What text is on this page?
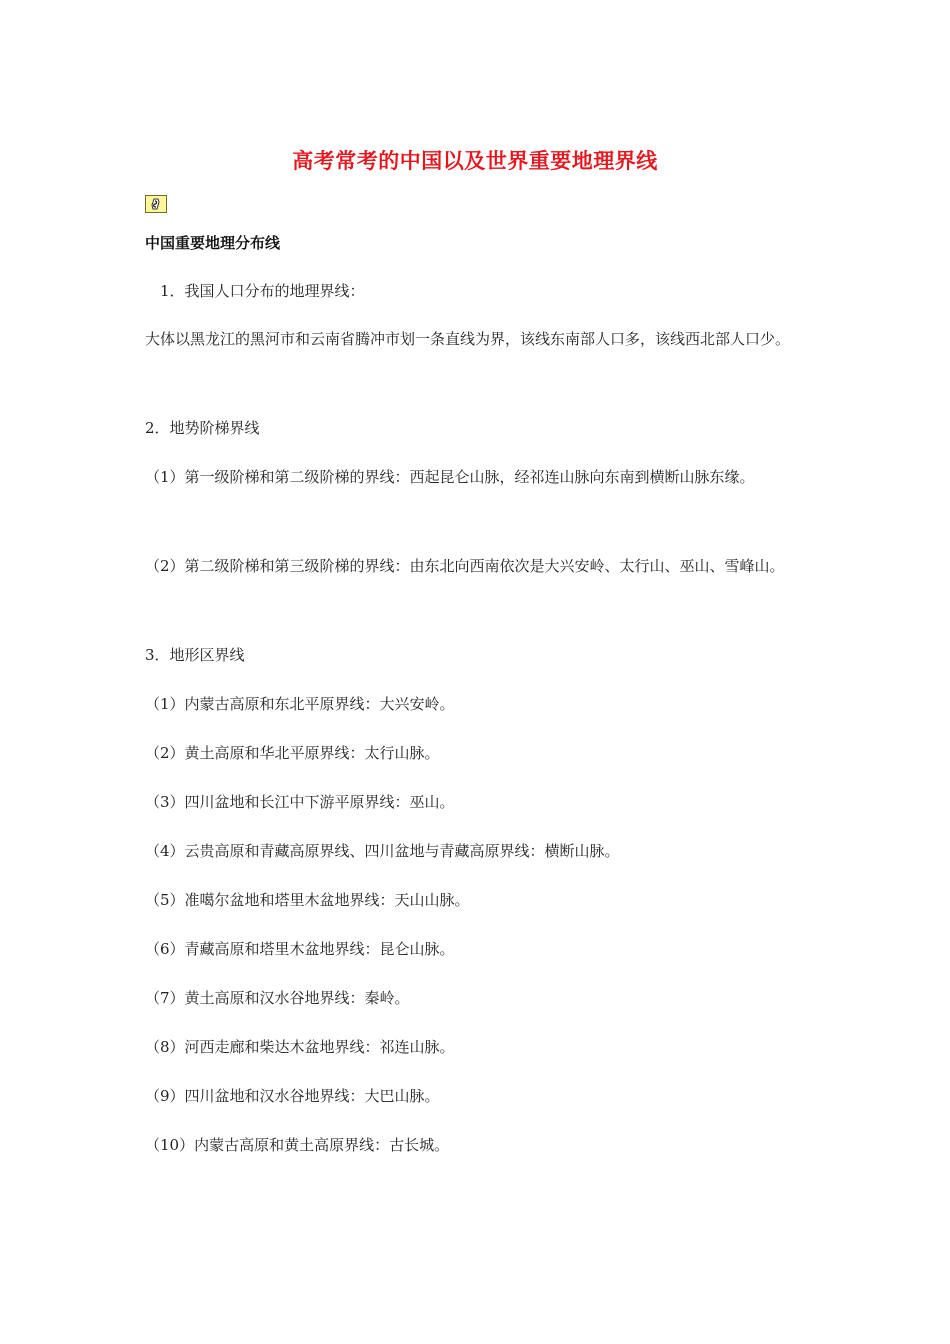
高考常考的中国以及世界重要地理界线
中国重要地理分布线
1．我国人口分布的地理界线：
大体以黑龙江的黑河市和云南省腾冲市划一条直线为界，该线东南部人口多，该线西北部人口少。
2．地势阶梯界线
（1）第一级阶梯和第二级阶梯的界线：西起昆仑山脉，经祁连山脉向东南到横断山脉东缘。
（2）第二级阶梯和第三级阶梯的界线：由东北向西南依次是大兴安岭、太行山、巫山、雪峰山。
3．地形区界线
（1）内蒙古高原和东北平原界线：大兴安岭。
（2）黄土高原和华北平原界线：太行山脉。
（3）四川盆地和长江中下游平原界线：巫山。
（4）云贵高原和青藏高原界线、四川盆地与青藏高原界线：横断山脉。
（5）准噶尔盆地和塔里木盆地界线：天山山脉。
（6）青藏高原和塔里木盆地界线：昆仑山脉。
（7）黄土高原和汉水谷地界线：秦岭。
（8）河西走廊和柴达木盆地界线：祁连山脉。
（9）四川盆地和汉水谷地界线：大巴山脉。
（10）内蒙古高原和黄土高原界线：古长城。
